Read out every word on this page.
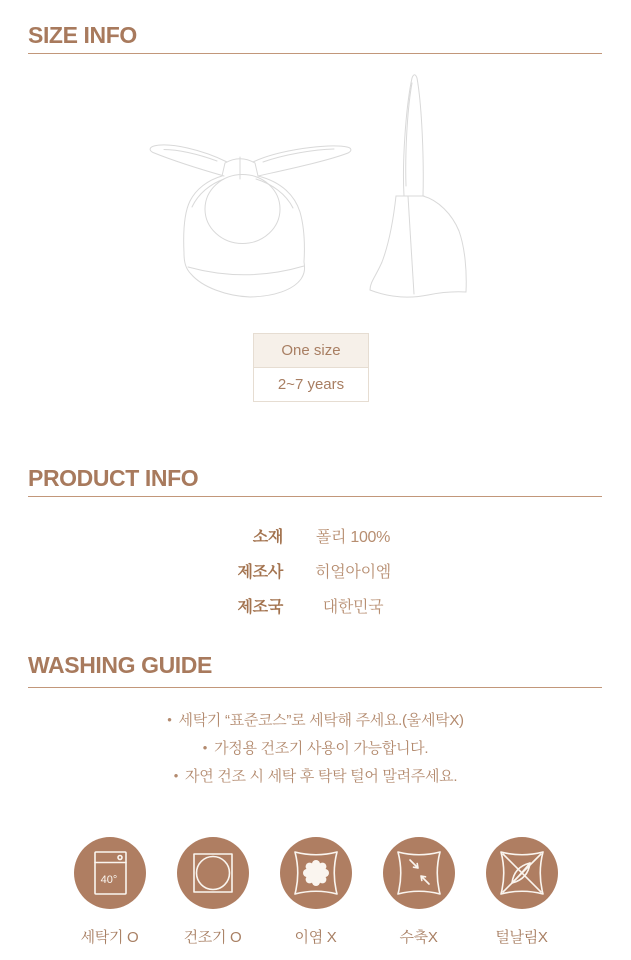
SIZE INFO
One size
2~7 years
PRODUCT INFO
소재	폴리 100%
제조사	히얼아이엠
제조국	대한민국
WASHING GUIDE
• 세탁기 “표준코스”로 세탁해 주세요.(울세탁X)
• 가정용 건조기 사용이 가능합니다.
• 자연 건조 시 세탁 후 탁탁 털어 말려주세요.
40°
세탁기 O	건조기 O	이염 X	수축X	털날림X
